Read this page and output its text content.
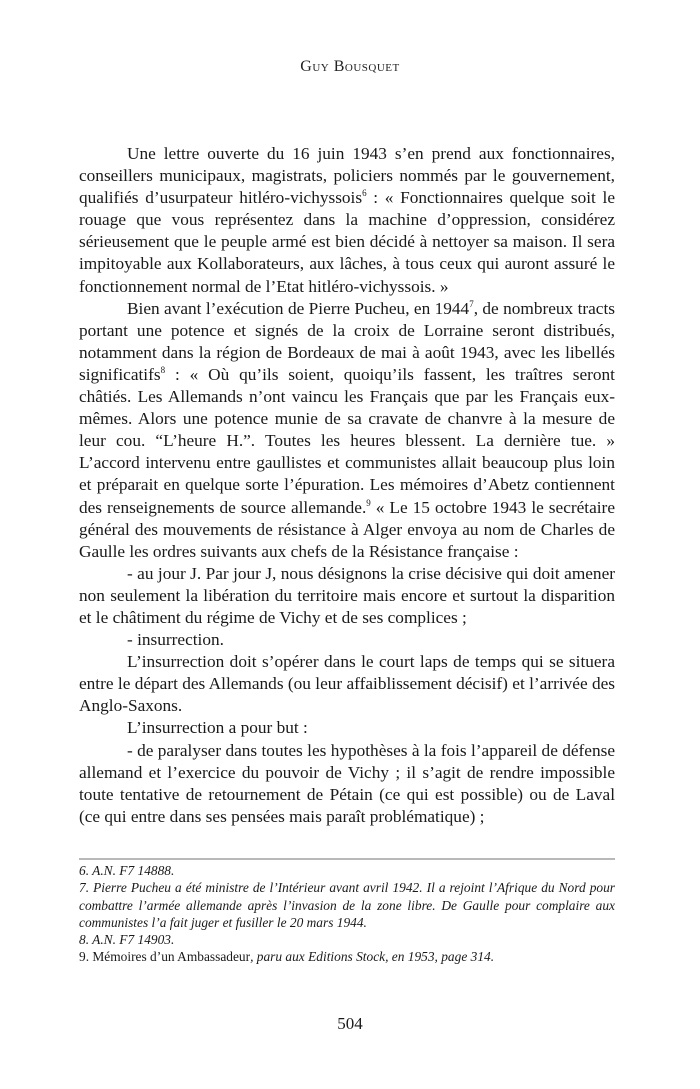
Guy Bousquet

Une lettre ouverte du 16 juin 1943 s’en prend aux fonctionnaires, conseillers municipaux, magistrats, policiers nommés par le gouvernement, qualifiés d’usurpateur hitléro-vichyssois$^6$ : « Fonctionnaires quelque soit le rouage que vous représentez dans la machine d’oppression, considérez sérieusement que le peuple armé est bien décidé à nettoyer sa maison. Il sera impitoyable aux Kollaborateurs, aux lâches, à tous ceux qui auront assuré le fonctionnement normal de l’Etat hitléro-vichyssois. »

Bien avant l’exécution de Pierre Pucheu, en 1944$^7$, de nombreux tracts portant une potence et signés de la croix de Lorraine seront distribués, notamment dans la région de Bordeaux de mai à août 1943, avec les libellés significatifs$^8$ : « Où qu’ils soient, quoiqu’ils fassent, les traîtres seront châtiés. Les Allemands n’ont vaincu les Français que par les Français eux-mêmes. Alors une potence munie de sa cravate de chanvre à la mesure de leur cou. “L’heure H.”. Toutes les heures blessent. La dernière tue. » L’accord intervenu entre gaullistes et communistes allait beaucoup plus loin et préparait en quelque sorte l’épuration. Les mémoires d’Abetz contiennent des renseignements de source allemande.$^9$ « Le 15 octobre 1943 le secrétaire général des mouvements de résistance à Alger envoya au nom de Charles de Gaulle les ordres suivants aux chefs de la Résistance française :

- au jour J. Par jour J, nous désignons la crise décisive qui doit amener non seulement la libération du territoire mais encore et surtout la disparition et le châtiment du régime de Vichy et de ses complices ;

- insurrection.

L’insurrection doit s’opérer dans le court laps de temps qui se situera entre le départ des Allemands (ou leur affaiblissement décisif) et l’arrivée des Anglo-Saxons.

L’insurrection a pour but :

- de paralyser dans toutes les hypothèses à la fois l’appareil de défense allemand et l’exercice du pouvoir de Vichy ; il s’agit de rendre impossible toute tentative de retournement de Pétain (ce qui est possible) ou de Laval (ce qui entre dans ses pensées mais paraît problématique) ;

6. A.N. F7 14888.

7. Pierre Pucheu a été ministre de l’Intérieur avant avril 1942. Il a rejoint l’Afrique du Nord pour combattre l’armée allemande après l’invasion de la zone libre. De Gaulle pour complaire aux communistes l’a fait juger et fusiller le 20 mars 1944.

8. A.N. F7 14903.

9. Mémoires d’un Ambassadeur, paru aux Editions Stock, en 1953, page 314.

504
